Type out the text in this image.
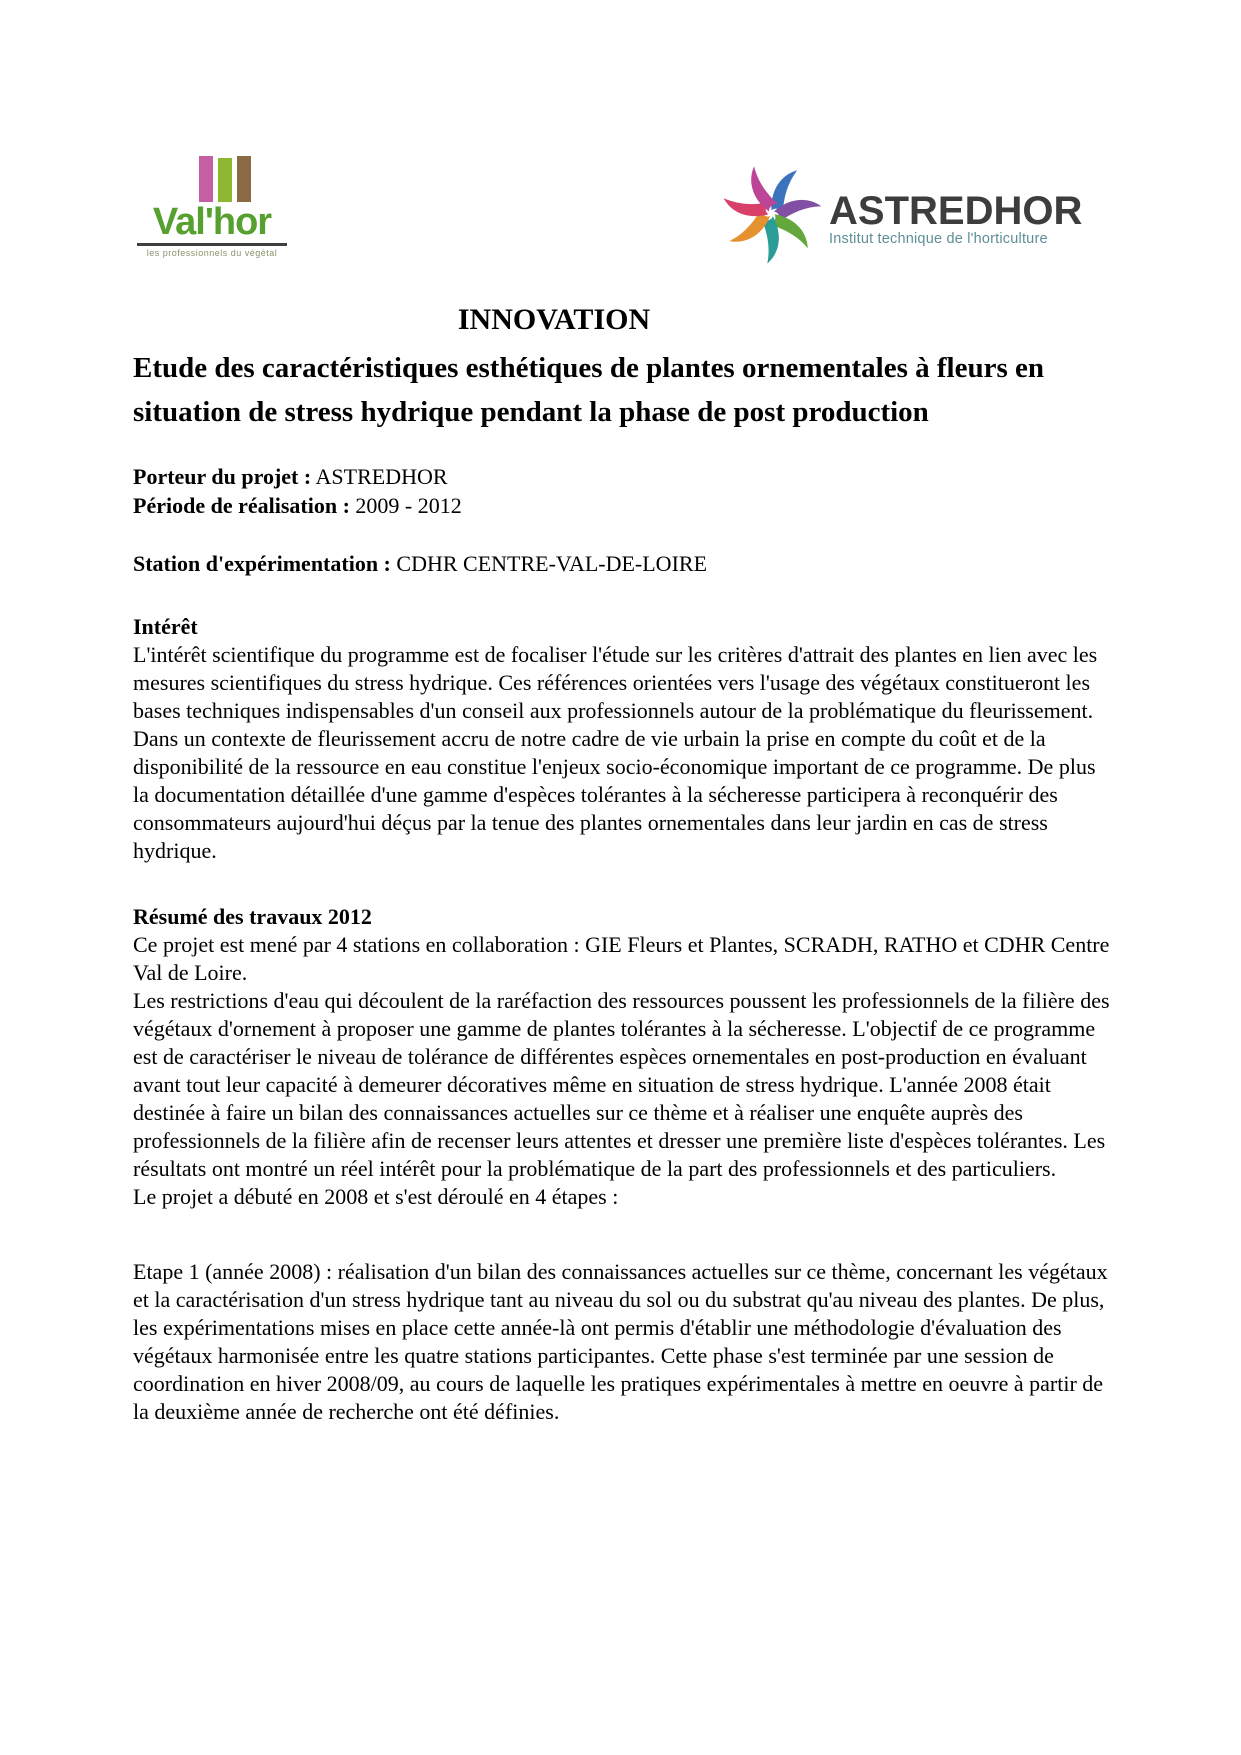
Val'hor
les professionnels du végétal
ASTREDHOR
Institut technique de l'horticulture
INNOVATION
Etude des caractéristiques esthétiques de plantes ornementales à fleurs en situation de stress hydrique pendant la phase de post production

Porteur du projet : ASTREDHOR

Période de réalisation : 2009 - 2012

Station d'expérimentation : CDHR CENTRE-VAL-DE-LOIRE

Intérêt

L'intérêt scientifique du programme est de focaliser l'étude sur les critères d'attrait des plantes en lien avec les mesures scientifiques du stress hydrique. Ces références orientées vers l'usage des végétaux constitueront les bases techniques indispensables d'un conseil aux professionnels autour de la problématique du fleurissement.

Dans un contexte de fleurissement accru de notre cadre de vie urbain la prise en compte du coût et de la disponibilité de la ressource en eau constitue l'enjeux socio-économique important de ce programme. De plus la documentation détaillée d'une gamme d'espèces tolérantes à la sécheresse participera à reconquérir des consommateurs aujourd'hui déçus par la tenue des plantes ornementales dans leur jardin en cas de stress hydrique.

Résumé des travaux 2012

Ce projet est mené par 4 stations en collaboration : GIE Fleurs et Plantes, SCRADH, RATHO et CDHR Centre Val de Loire.

Les restrictions d'eau qui découlent de la raréfaction des ressources poussent les professionnels de la filière des végétaux d'ornement à proposer une gamme de plantes tolérantes à la sécheresse. L'objectif de ce programme est de caractériser le niveau de tolérance de différentes espèces ornementales en post-production en évaluant avant tout leur capacité à demeurer décoratives même en situation de stress hydrique. L'année 2008 était destinée à faire un bilan des connaissances actuelles sur ce thème et à réaliser une enquête auprès des professionnels de la filière afin de recenser leurs attentes et dresser une première liste d'espèces tolérantes. Les résultats ont montré un réel intérêt pour la problématique de la part des professionnels et des particuliers.

Le projet a débuté en 2008 et s'est déroulé en 4 étapes :

Etape 1 (année 2008) : réalisation d'un bilan des connaissances actuelles sur ce thème, concernant les végétaux et la caractérisation d'un stress hydrique tant au niveau du sol ou du substrat qu'au niveau des plantes. De plus, les expérimentations mises en place cette année-là ont permis d'établir une méthodologie d'évaluation des végétaux harmonisée entre les quatre stations participantes. Cette phase s'est terminée par une session de coordination en hiver 2008/09, au cours de laquelle les pratiques expérimentales à mettre en oeuvre à partir de la deuxième année de recherche ont été définies.
